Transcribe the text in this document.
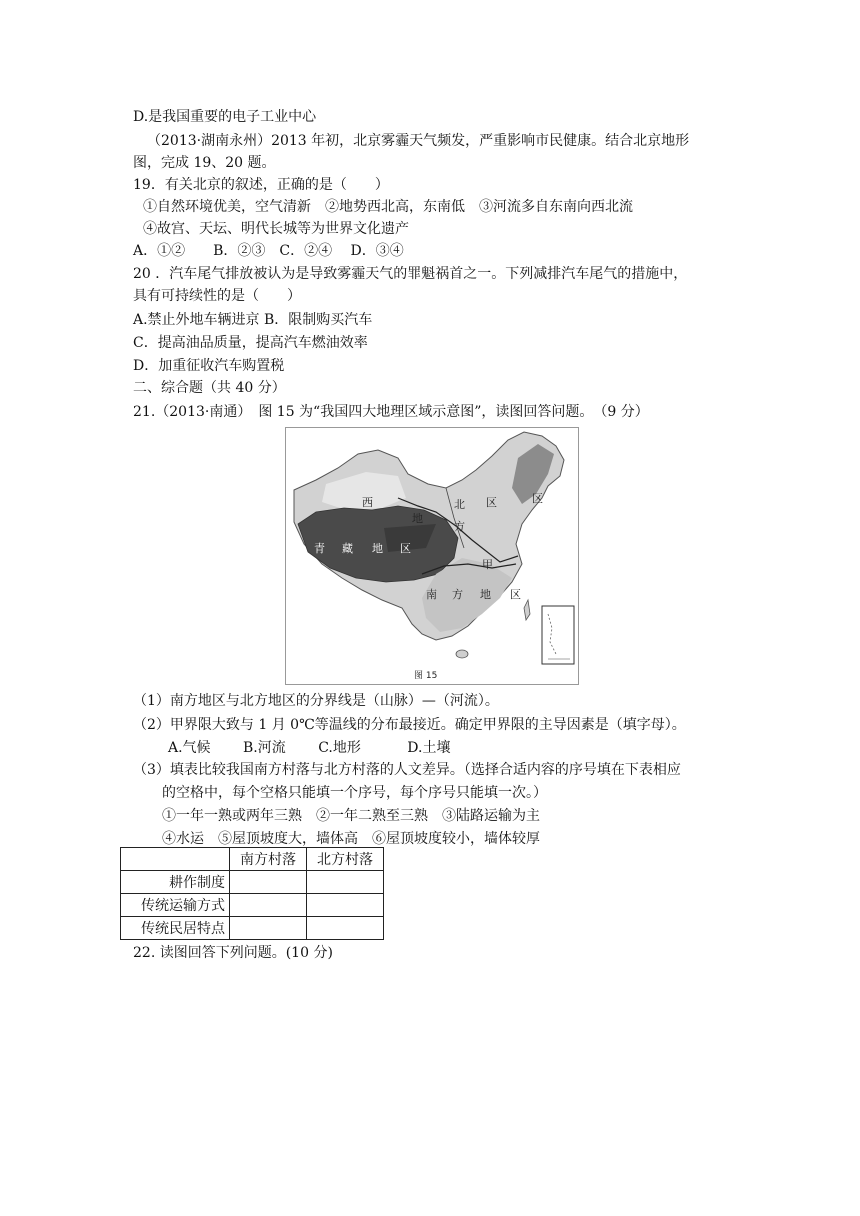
D.是我国重要的电子工业中心
（2013·湖南永州）2013 年初，北京雾霾天气频发，严重影响市民健康。结合北京地形
图，完成 19、20 题。
19．有关北京的叙述，正确的是（　　）
①自然环境优美，空气清新　②地势西北高，东南低　③河流多自东南向西北流
④故宫、天坛、明代长城等为世界文化遗产
A．①②　　B．②③　C．②④　 D．③④
20 ．汽车尾气排放被认为是导致雾霾天气的罪魁祸首之一。下列减排汽车尾气的措施中，
具有可持续性的是（　　）
A.禁止外地车辆进京 B．限制购买汽车
C．提高油品质量，提高汽车燃油效率
D．加重征收汽车购置税
二、综合题（共 40 分）
21.（2013·南通）　图 15 为“我国四大地理区域示意图”，读图回答问题。　（9 分）
西	北 区	区
方
地
青 藏 地 区
甲
南 方 地 区
图 15
（1）南方地区与北方地区的分界线是（山脉）—（河流）。
（2）甲界限大致与 1 月 0℃等温线的分布最接近。确定甲界限的主导因素是（填字母）。
A.气候　　 B.河流　　 C.地形　　　 D.土壤
（3）填表比较我国南方村落与北方村落的人文差异。（选择合适内容的序号填在下表相应
的空格中，每个空格只能填一个序号，每个序号只能填一次。）
①一年一熟或两年三熟　②一年二熟至三熟　③陆路运输为主
④水运　⑤屋顶坡度大，墙体高　⑥屋顶坡度较小，墙体较厚
	南方村落	北方村落
耕作制度		
传统运输方式		
传统民居特点		
22. 读图回答下列问题。(10 分)
